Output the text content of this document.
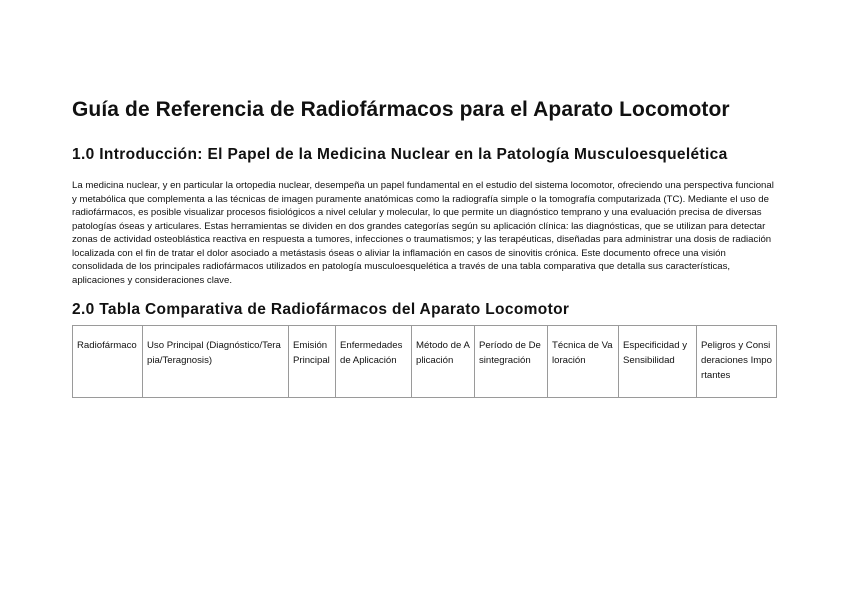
Guía de Referencia de Radiofármacos para el Aparato Locomotor
1.0 Introducción: El Papel de la Medicina Nuclear en la Patología Musculoesquelética

La medicina nuclear, y en particular la ortopedia nuclear, desempeña un papel fundamental en el estudio del sistema locomotor, ofreciendo una perspectiva funcional y metabólica que complementa a las técnicas de imagen puramente anatómicas como la radiografía simple o la tomografía computarizada (TC). Mediante el uso de radiofármacos, es posible visualizar procesos fisiológicos a nivel celular y molecular, lo que permite un diagnóstico temprano y una evaluación precisa de diversas patologías óseas y articulares. Estas herramientas se dividen en dos grandes categorías según su aplicación clínica: las diagnósticas, que se utilizan para detectar zonas de actividad osteoblástica reactiva en respuesta a tumores, infecciones o traumatismos; y las terapéuticas, diseñadas para administrar una dosis de radiación localizada con el fin de tratar el dolor asociado a metástasis óseas o aliviar la inflamación en casos de sinovitis crónica. Este documento ofrece una visión consolidada de los principales radiofármacos utilizados en patología musculoesquelética a través de una tabla comparativa que detalla sus características, aplicaciones y consideraciones clave.

2.0 Tabla Comparativa de Radiofármacos del Aparato Locomotor
Radiofármaco	Uso Principal (Diagnóstico/Terapia/Teragnosis)	Emisión Principal	Enfermedades de Aplicación	Método de Aplicación	Período de Desintegración	Técnica de Valoración	Especificidad y Sensibilidad	Peligros y Consideraciones Importantes
